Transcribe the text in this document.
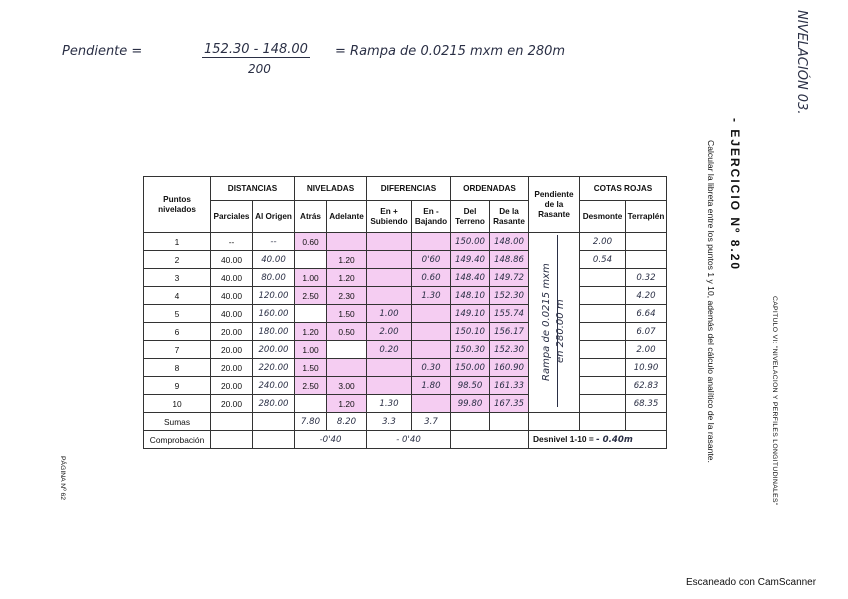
Pendiente =	152.30 - 148.00
200
= Rampa de 0.0215 mxm en 280m
Puntos nivelados	DISTANCIAS		NIVELADAS		DIFERENCIAS		ORDENADAS		Pendiente de la Rasante	COTAS ROJAS	
	Parciales	Al Origen	Atrás	Adelante	En + Subiendo	En - Bajando	Del Terreno	De la Rasante		Desmonte	Terraplén
1	--	--	0.60				150.00	148.00	Rampa de 0.0215 mxm en 280.00 m	2.00	
2	40.00	40.00		1.20		0'60	149.40	148.86		0.54	
3	40.00	80.00	1.00	1.20		0.60	148.40	149.72			0.32
4	40.00	120.00	2.50	2.30		1.30	148.10	152.30			4.20
5	40.00	160.00		1.50	1.00		149.10	155.74			6.64
6	20.00	180.00	1.20	0.50	2.00		150.10	156.17			6.07
7	20.00	200.00	1.00		0.20		150.30	152.30			2.00
8	20.00	220.00	1.50			0.30	150.00	160.90			10.90
9	20.00	240.00	2.50	3.00		1.80	98.50	161.33			62.83
10	20.00	280.00		1.20	1.30		99.80	167.35			68.35
Sumas			7.80	8.20	3.3	3.7					
Comprobación			-0'40		- 0'40				Desnivel 1-10 = - 0.40m		
NIVELACIÓN 03.
- EJERCICIO Nº 8.20
Calcular la libreta entre los puntos 1 y 10, además del cálculo analítico de la rasante.	CAPITULO VI: "NIVELACION Y PERFILES LONGITUDINALES"
PÁGINA Nº 62
Escaneado con CamScanner
